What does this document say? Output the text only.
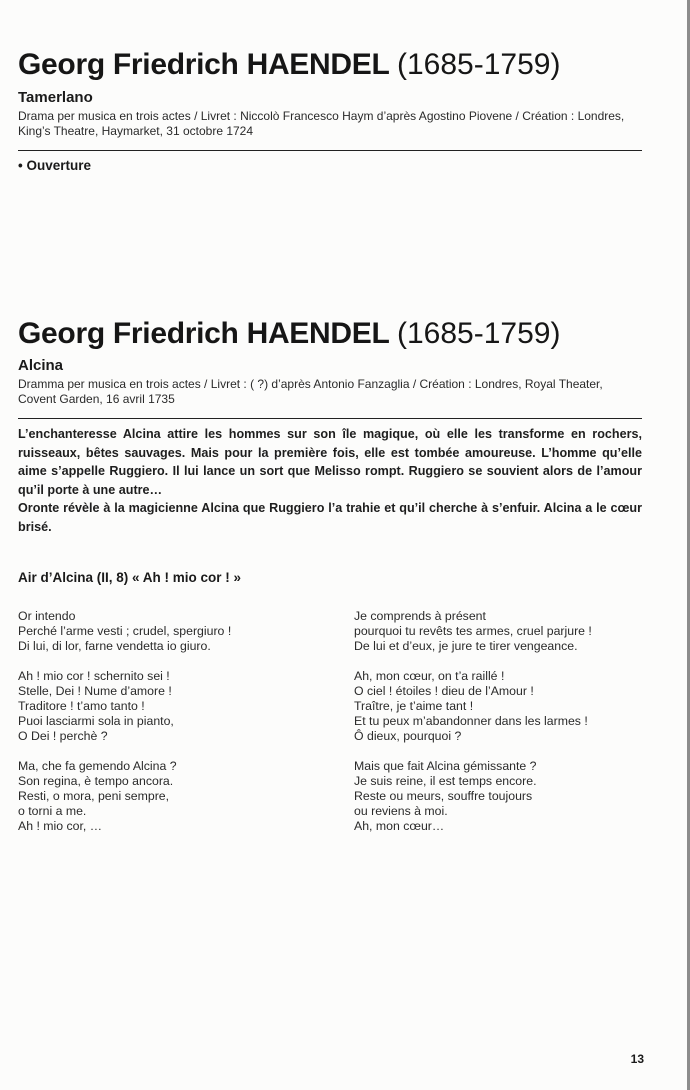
Georg Friedrich HAENDEL (1685-1759)
Tamerlano
Drama per musica en trois actes / Livret : Niccolò Francesco Haym d’après Agostino Piovene / Création : Londres, King’s Theatre, Haymarket, 31 octobre 1724
• Ouverture
Georg Friedrich HAENDEL (1685-1759)
Alcina
Dramma per musica en trois actes / Livret : ( ?) d’après Antonio Fanzaglia / Création : Londres, Royal Theater, Covent Garden, 16 avril 1735

L’enchanteresse Alcina attire les hommes sur son île magique, où elle les transforme en rochers, ruisseaux, bêtes sauvages. Mais pour la première fois, elle est tombée amoureuse. L’homme qu’elle aime s’appelle Ruggiero. Il lui lance un sort que Melisso rompt. Ruggiero se souvient alors de l’amour qu’il porte à une autre…

Oronte révèle à la magicienne Alcina que Ruggiero l’a trahie et qu’il cherche à s’enfuir. Alcina a le cœur brisé.

Air d’Alcina (II, 8) « Ah ! mio cor ! »
Or intendo
Perché l’arme vesti ; crudel, spergiuro !
Di lui, di lor, farne vendetta io giuro.
Ah ! mio cor ! schernito sei !
Stelle, Dei ! Nume d’amore !
Traditore ! t’amo tanto !
Puoi lasciarmi sola in pianto,
O Dei ! perchè ?
Ma, che fa gemendo Alcina ?
Son regina, è tempo ancora.
Resti, o mora, peni sempre,
o torni a me.
Ah ! mio cor, …
Je comprends à présent
pourquoi tu revêts tes armes, cruel parjure !
De lui et d’eux, je jure te tirer vengeance.
Ah, mon cœur, on t’a raillé !
O ciel ! étoiles ! dieu de l’Amour !
Traître, je t’aime tant !
Et tu peux m’abandonner dans les larmes !
Ô dieux, pourquoi ?
Mais que fait Alcina gémissante ?
Je suis reine, il est temps encore.
Reste ou meurs, souffre toujours
ou reviens à moi.
Ah, mon cœur…
13
